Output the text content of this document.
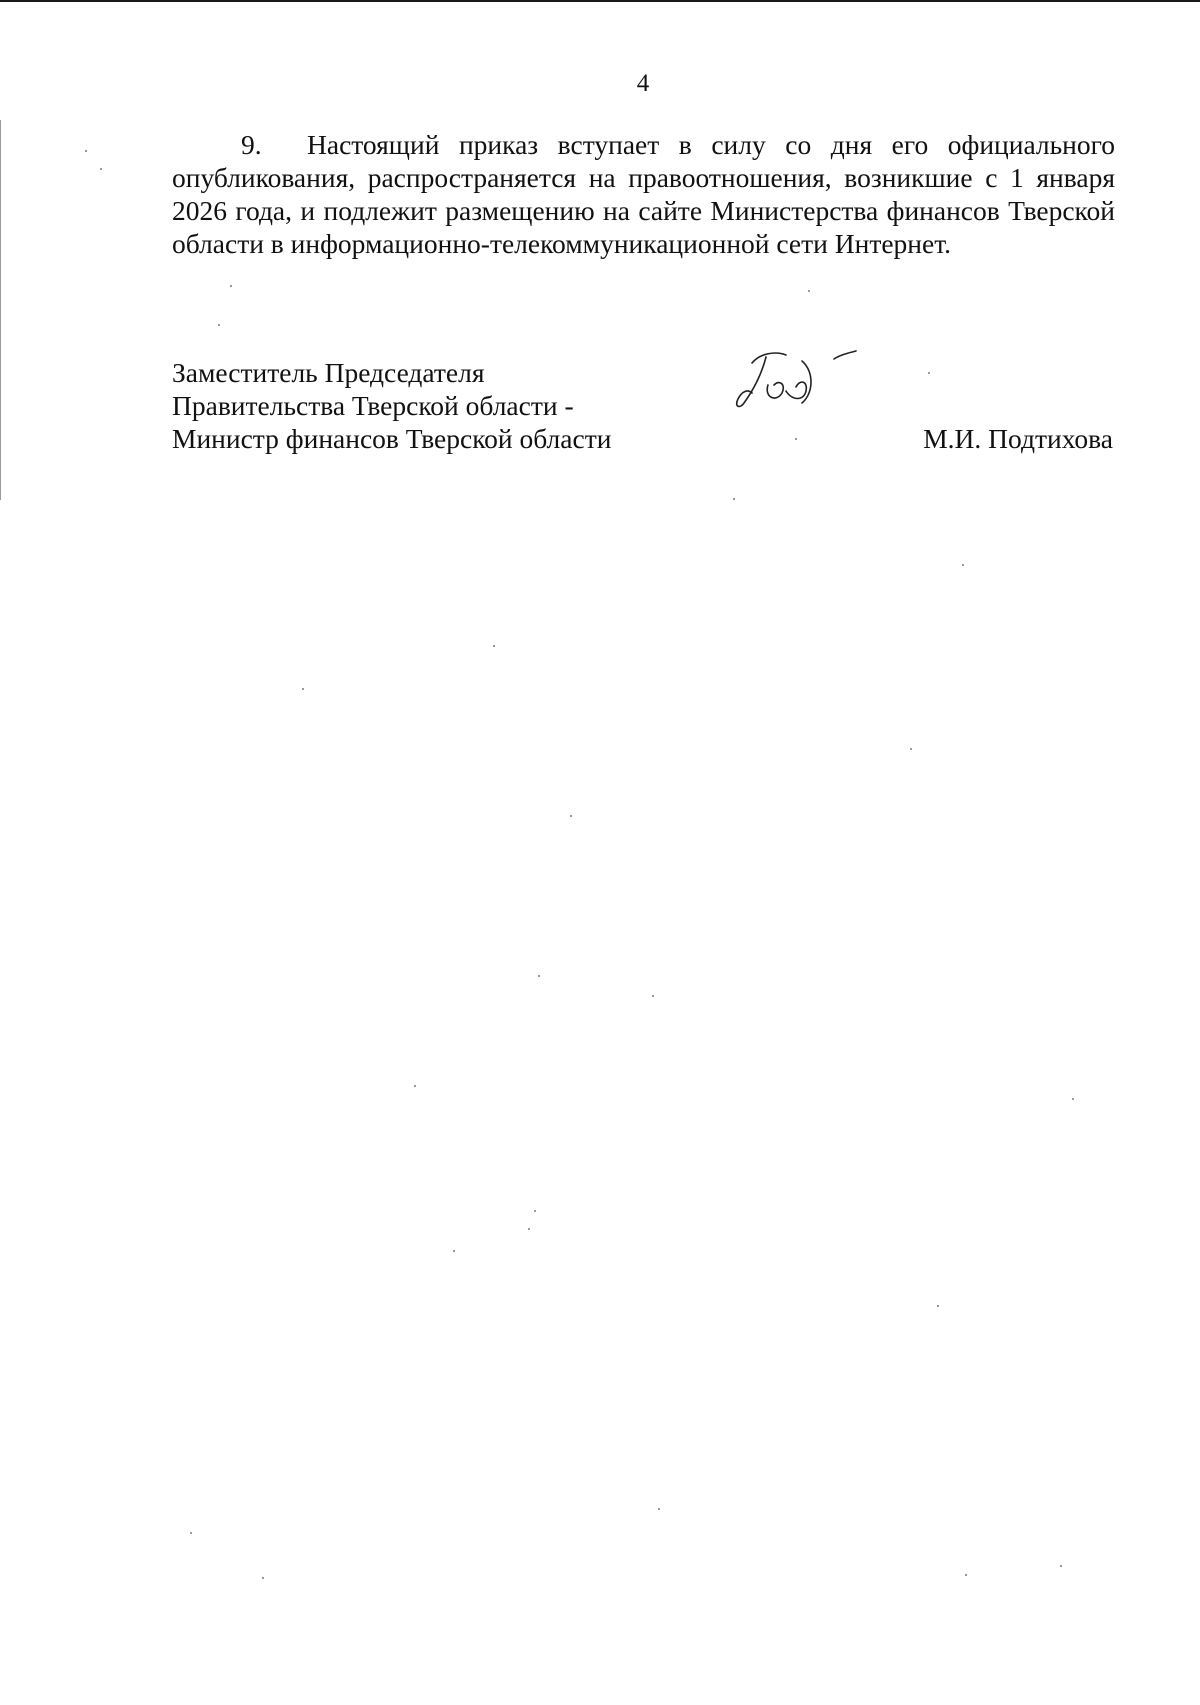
4
9. Настоящий приказ вступает в силу со дня его официального опубликования, распространяется на правоотношения, возникшие с 1 января 2026 года, и подлежит размещению на сайте Министерства финансов Тверской области в информационно-телекоммуникационной сети Интернет.
Заместитель Председателя
Правительства Тверской области -
Министр финансов Тверской области	М.И. Подтихова
